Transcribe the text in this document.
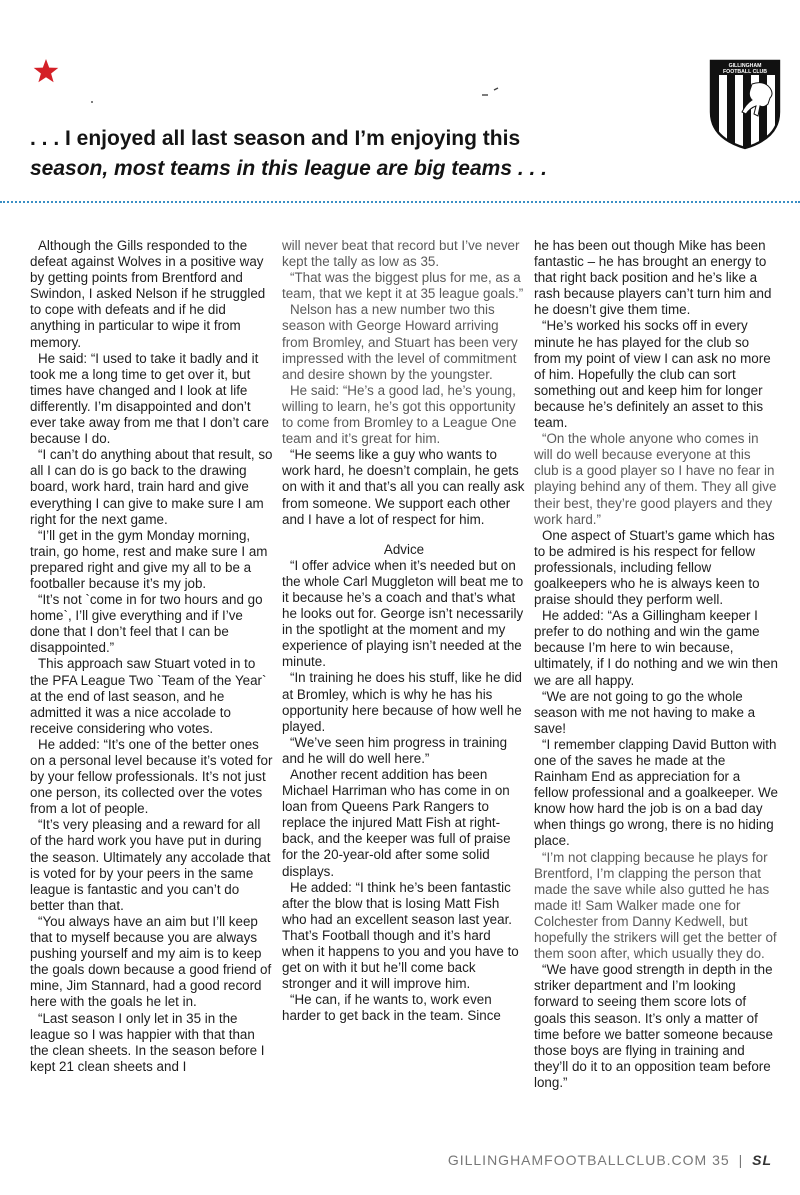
GILLINGHAM
FOOTBALL CLUB
. . . I enjoyed all last season and I’m enjoying this
season, most teams in this league are big teams . . .

Although the Gills responded to the defeat against Wolves in a positive way by getting points from Brentford and Swindon, I asked Nelson if he struggled to cope with defeats and if he did anything in particular to wipe it from memory.

He said: “I used to take it badly and it took me a long time to get over it, but times have changed and I look at life differently. I’m disappointed and don’t ever take away from me that I don’t care because I do.

“I can’t do anything about that result, so all I can do is go back to the drawing board, work hard, train hard and give everything I can give to make sure I am right for the next game.

“I’ll get in the gym Monday morning, train, go home, rest and make sure I am prepared right and give my all to be a footballer because it’s my job.

“It’s not `come in for two hours and go home`, I’ll give everything and if I’ve done that I don’t feel that I can be disappointed.”

This approach saw Stuart voted in to the PFA League Two `Team of the Year` at the end of last season, and he admitted it was a nice accolade to receive considering who votes.

He added: “It’s one of the better ones on a personal level because it’s voted for by your fellow professionals. It’s not just one person, its collected over the votes from a lot of people.

“It’s very pleasing and a reward for all of the hard work you have put in during the season. Ultimately any accolade that is voted for by your peers in the same league is fantastic and you can’t do better than that.

“You always have an aim but I’ll keep that to myself because you are always pushing yourself and my aim is to keep the goals down because a good friend of mine, Jim Stannard, had a good record here with the goals he let in.

“Last season I only let in 35 in the league so I was happier with that than the clean sheets. In the season before I kept 21 clean sheets and I

will never beat that record but I’ve never kept the tally as low as 35.

“That was the biggest plus for me, as a team, that we kept it at 35 league goals.”

Nelson has a new number two this season with George Howard arriving from Bromley, and Stuart has been very impressed with the level of commitment and desire shown by the youngster.

He said: “He’s a good lad, he’s young, willing to learn, he’s got this opportunity to come from Bromley to a League One team and it’s great for him.

“He seems like a guy who wants to work hard, he doesn’t complain, he gets on with it and that’s all you can really ask from someone. We support each other and I have a lot of respect for him.

Advice

“I offer advice when it’s needed but on the whole Carl Muggleton will beat me to it because he’s a coach and that’s what he looks out for. George isn’t necessarily in the spotlight at the moment and my experience of playing isn’t needed at the minute.

“In training he does his stuff, like he did at Bromley, which is why he has his opportunity here because of how well he played.

“We’ve seen him progress in training and he will do well here.”

Another recent addition has been Michael Harriman who has come in on loan from Queens Park Rangers to replace the injured Matt Fish at right-back, and the keeper was full of praise for the 20-year-old after some solid displays.

He added: “I think he’s been fantastic after the blow that is losing Matt Fish who had an excellent season last year. That’s Football though and it’s hard when it happens to you and you have to get on with it but he’ll come back stronger and it will improve him.

“He can, if he wants to, work even harder to get back in the team. Since

he has been out though Mike has been fantastic – he has brought an energy to that right back position and he’s like a rash because players can’t turn him and he doesn’t give them time.

“He’s worked his socks off in every minute he has played for the club so from my point of view I can ask no more of him. Hopefully the club can sort something out and keep him for longer because he’s definitely an asset to this team.

“On the whole anyone who comes in will do well because everyone at this club is a good player so I have no fear in playing behind any of them. They all give their best, they’re good players and they work hard.”

One aspect of Stuart’s game which has to be admired is his respect for fellow professionals, including fellow goalkeepers who he is always keen to praise should they perform well.

He added: “As a Gillingham keeper I prefer to do nothing and win the game because I’m here to win because, ultimately, if I do nothing and we win then we are all happy.

“We are not going to go the whole season with me not having to make a save!

“I remember clapping David Button with one of the saves he made at the Rainham End as appreciation for a fellow professional and a goalkeeper. We know how hard the job is on a bad day when things go wrong, there is no hiding place.

“I’m not clapping because he plays for Brentford, I’m clapping the person that made the save while also gutted he has made it! Sam Walker made one for Colchester from Danny Kedwell, but hopefully the strikers will get the better of them soon after, which usually they do.

“We have good strength in depth in the striker department and I’m looking forward to seeing them score lots of goals this season. It’s only a matter of time before we batter someone because those boys are flying in training and they’ll do it to an opposition team before long.”

GILLINGHAMFOOTBALLCLUB.COM 35 | SL
